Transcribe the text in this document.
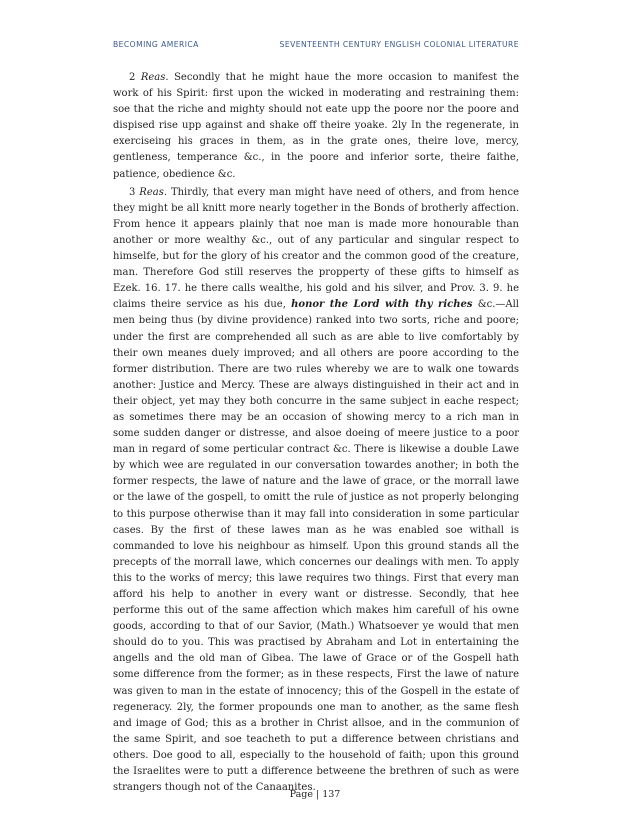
BECOMING AMERICA	SEVENTEENTH CENTURY ENGLISH COLONIAL LITERATURE

2 Reas. Secondly that he might haue the more occasion to manifest the work of his Spirit: first upon the wicked in moderating and restraining them: soe that the riche and mighty should not eate upp the poore nor the poore and dispised rise upp against and shake off theire yoake. 2ly In the regenerate, in exerciseing his graces in them, as in the grate ones, theire love, mercy, gentleness, temperance &c., in the poore and inferior sorte, theire faithe, patience, obedience &c.

3 Reas. Thirdly, that every man might have need of others, and from hence they might be all knitt more nearly together in the Bonds of brotherly affection. From hence it appears plainly that noe man is made more honourable than another or more wealthy &c., out of any particular and singular respect to himselfe, but for the glory of his creator and the common good of the creature, man. Therefore God still reserves the propperty of these gifts to himself as Ezek. 16. 17. he there calls wealthe, his gold and his silver, and Prov. 3. 9. he claims theire service as his due, honor the Lord with thy riches &c.—All men being thus (by divine providence) ranked into two sorts, riche and poore; under the first are comprehended all such as are able to live comfortably by their own meanes duely improved; and all others are poore according to the former distribution. There are two rules whereby we are to walk one towards another: Justice and Mercy. These are always distinguished in their act and in their object, yet may they both concurre in the same subject in eache respect; as sometimes there may be an occasion of showing mercy to a rich man in some sudden danger or distresse, and alsoe doeing of meere justice to a poor man in regard of some perticular contract &c. There is likewise a double Lawe by which wee are regulated in our conversation towardes another; in both the former respects, the lawe of nature and the lawe of grace, or the morrall lawe or the lawe of the gospell, to omitt the rule of justice as not properly belonging to this purpose otherwise than it may fall into consideration in some particular cases. By the first of these lawes man as he was enabled soe withall is commanded to love his neighbour as himself. Upon this ground stands all the precepts of the morrall lawe, which concernes our dealings with men. To apply this to the works of mercy; this lawe requires two things. First that every man afford his help to another in every want or distresse. Secondly, that hee performe this out of the same affection which makes him carefull of his owne goods, according to that of our Savior, (Math.) Whatsoever ye would that men should do to you. This was practised by Abraham and Lot in entertaining the angells and the old man of Gibea. The lawe of Grace or of the Gospell hath some difference from the former; as in these respects, First the lawe of nature was given to man in the estate of innocency; this of the Gospell in the estate of regeneracy. 2ly, the former propounds one man to another, as the same flesh and image of God; this as a brother in Christ allsoe, and in the communion of the same Spirit, and soe teacheth to put a difference between christians and others. Doe good to all, especially to the household of faith; upon this ground the Israelites were to putt a difference betweene the brethren of such as were strangers though not of the Canaanites.

Page | 137
